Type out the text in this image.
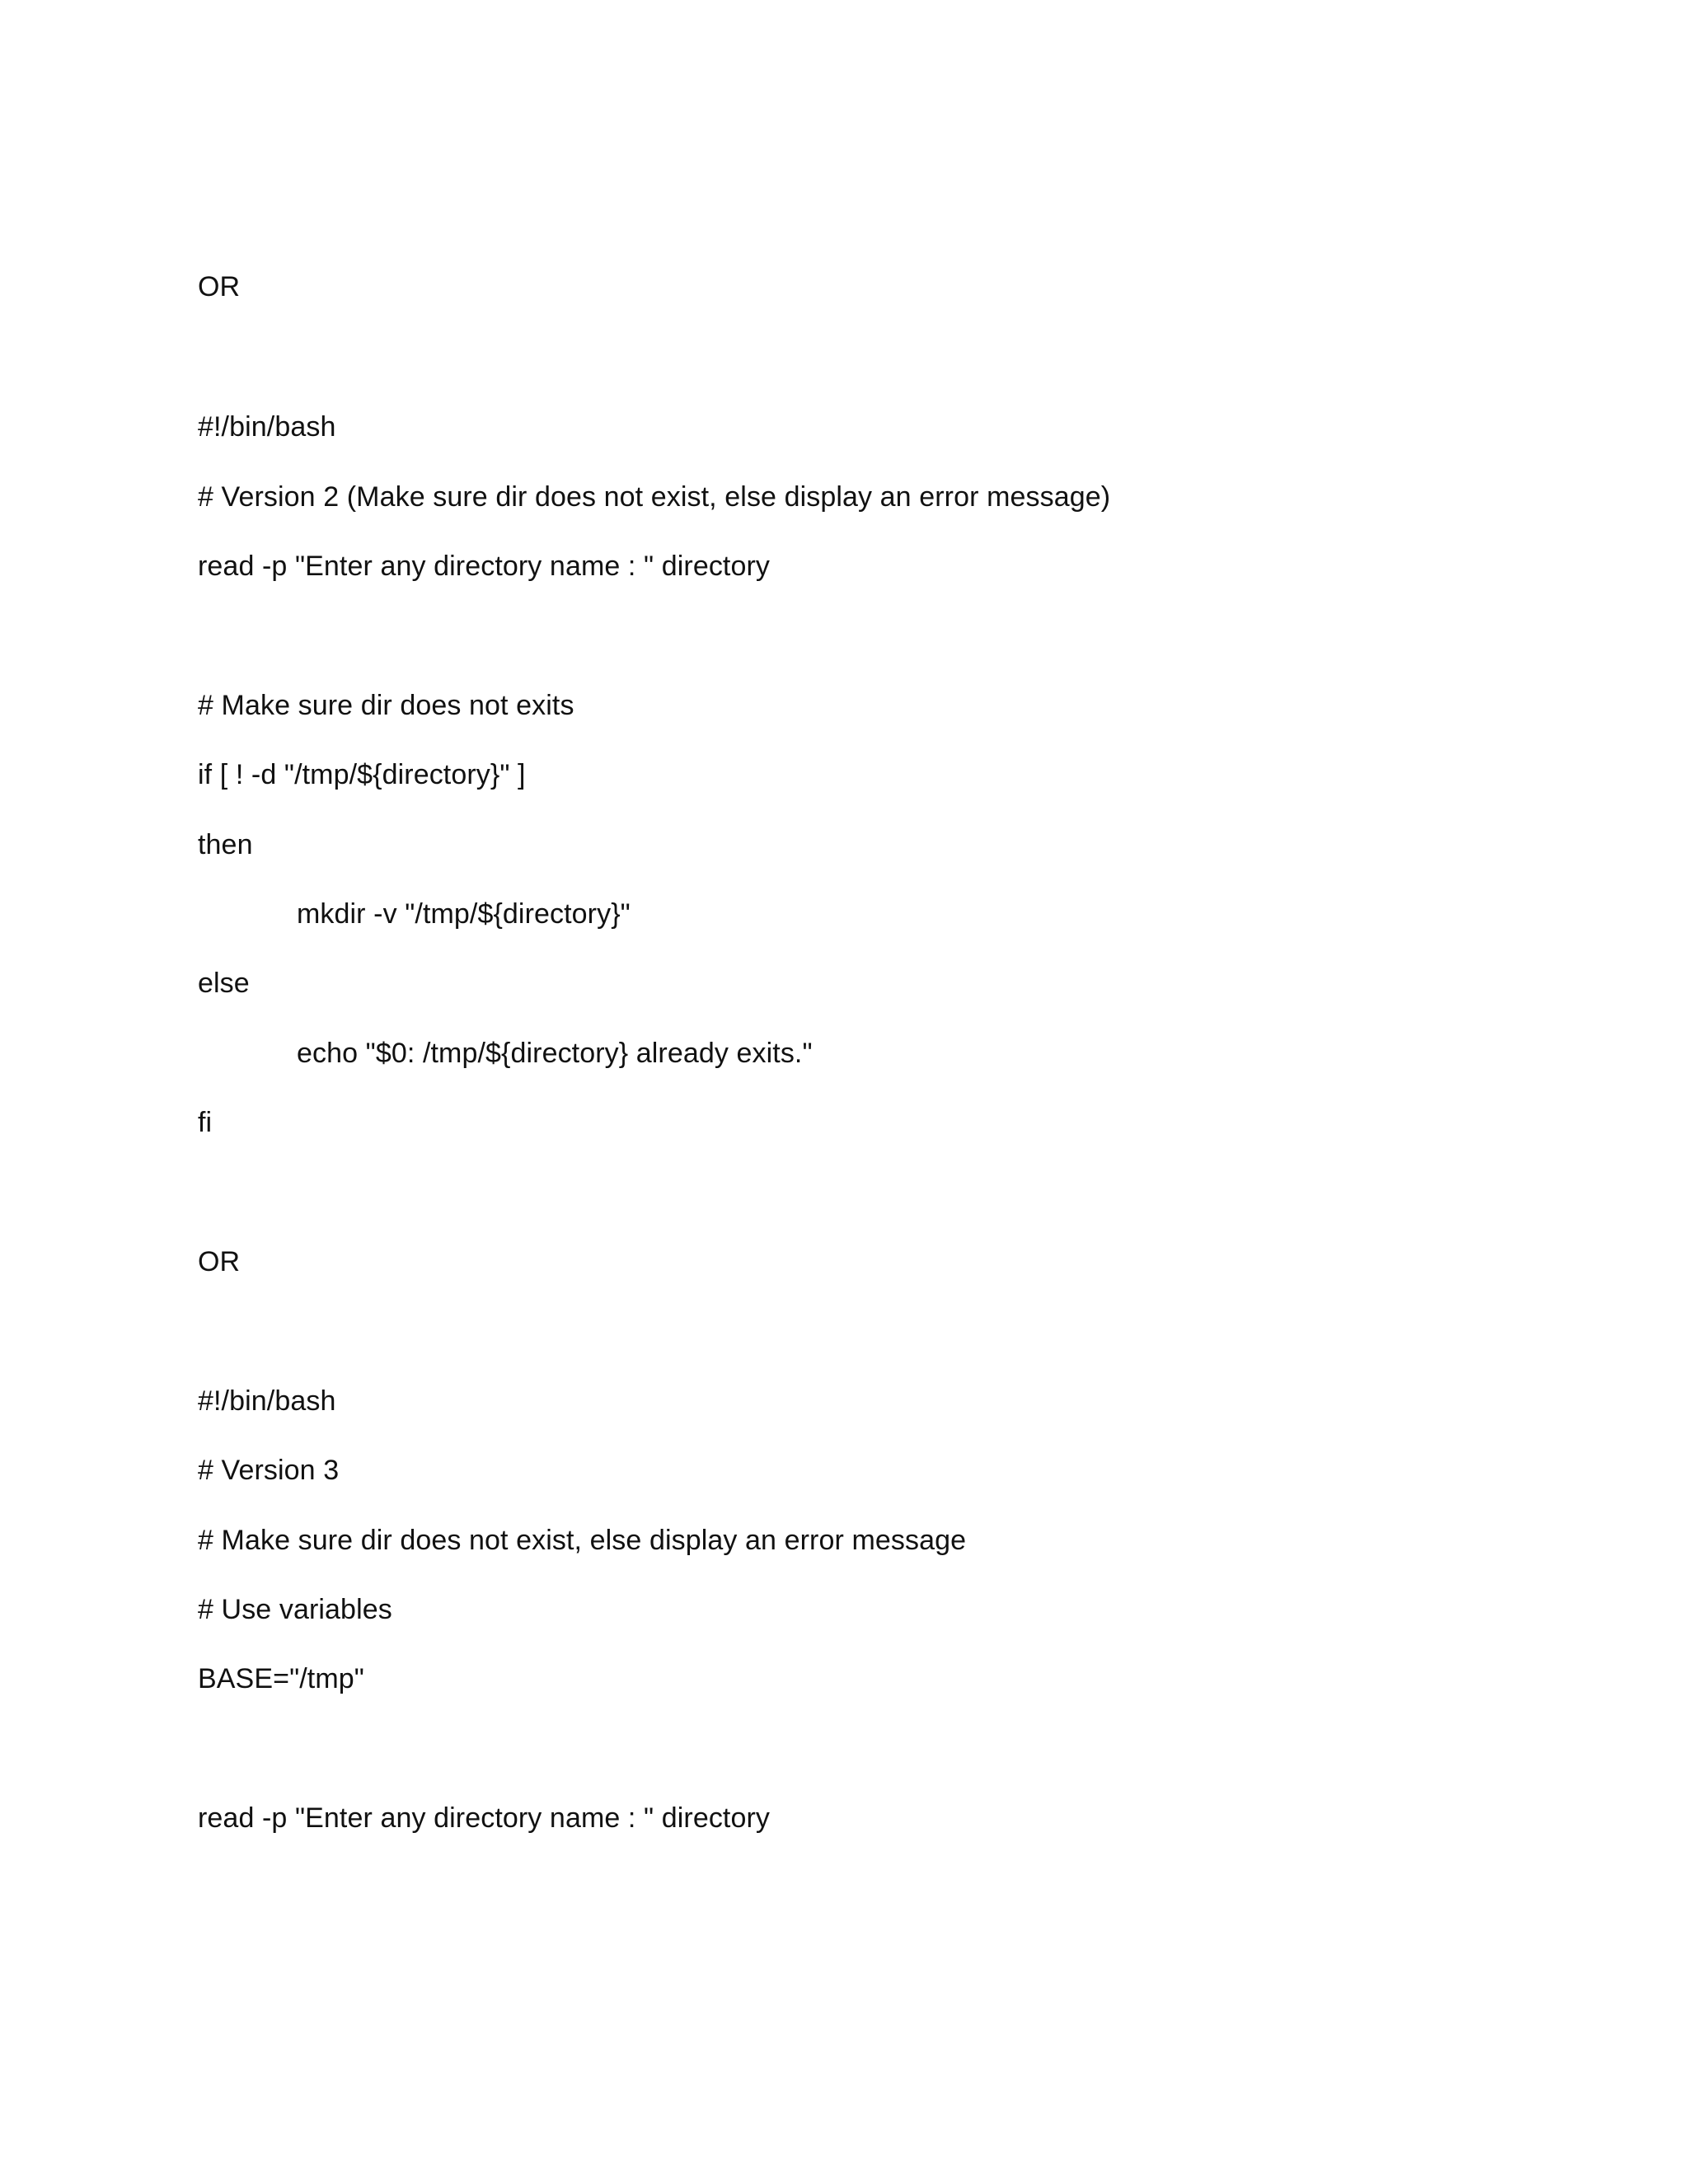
OR
#!/bin/bash
# Version 2 (Make sure dir does not exist, else display an error message)
read -p "Enter any directory name : " directory
# Make sure dir does not exits
if [ ! -d "/tmp/${directory}" ]
then
mkdir -v "/tmp/${directory}"
else
echo "$0: /tmp/${directory} already exits."
fi
OR
#!/bin/bash
# Version 3
# Make sure dir does not exist, else display an error message
# Use variables
BASE="/tmp"
read -p "Enter any directory name : " directory
